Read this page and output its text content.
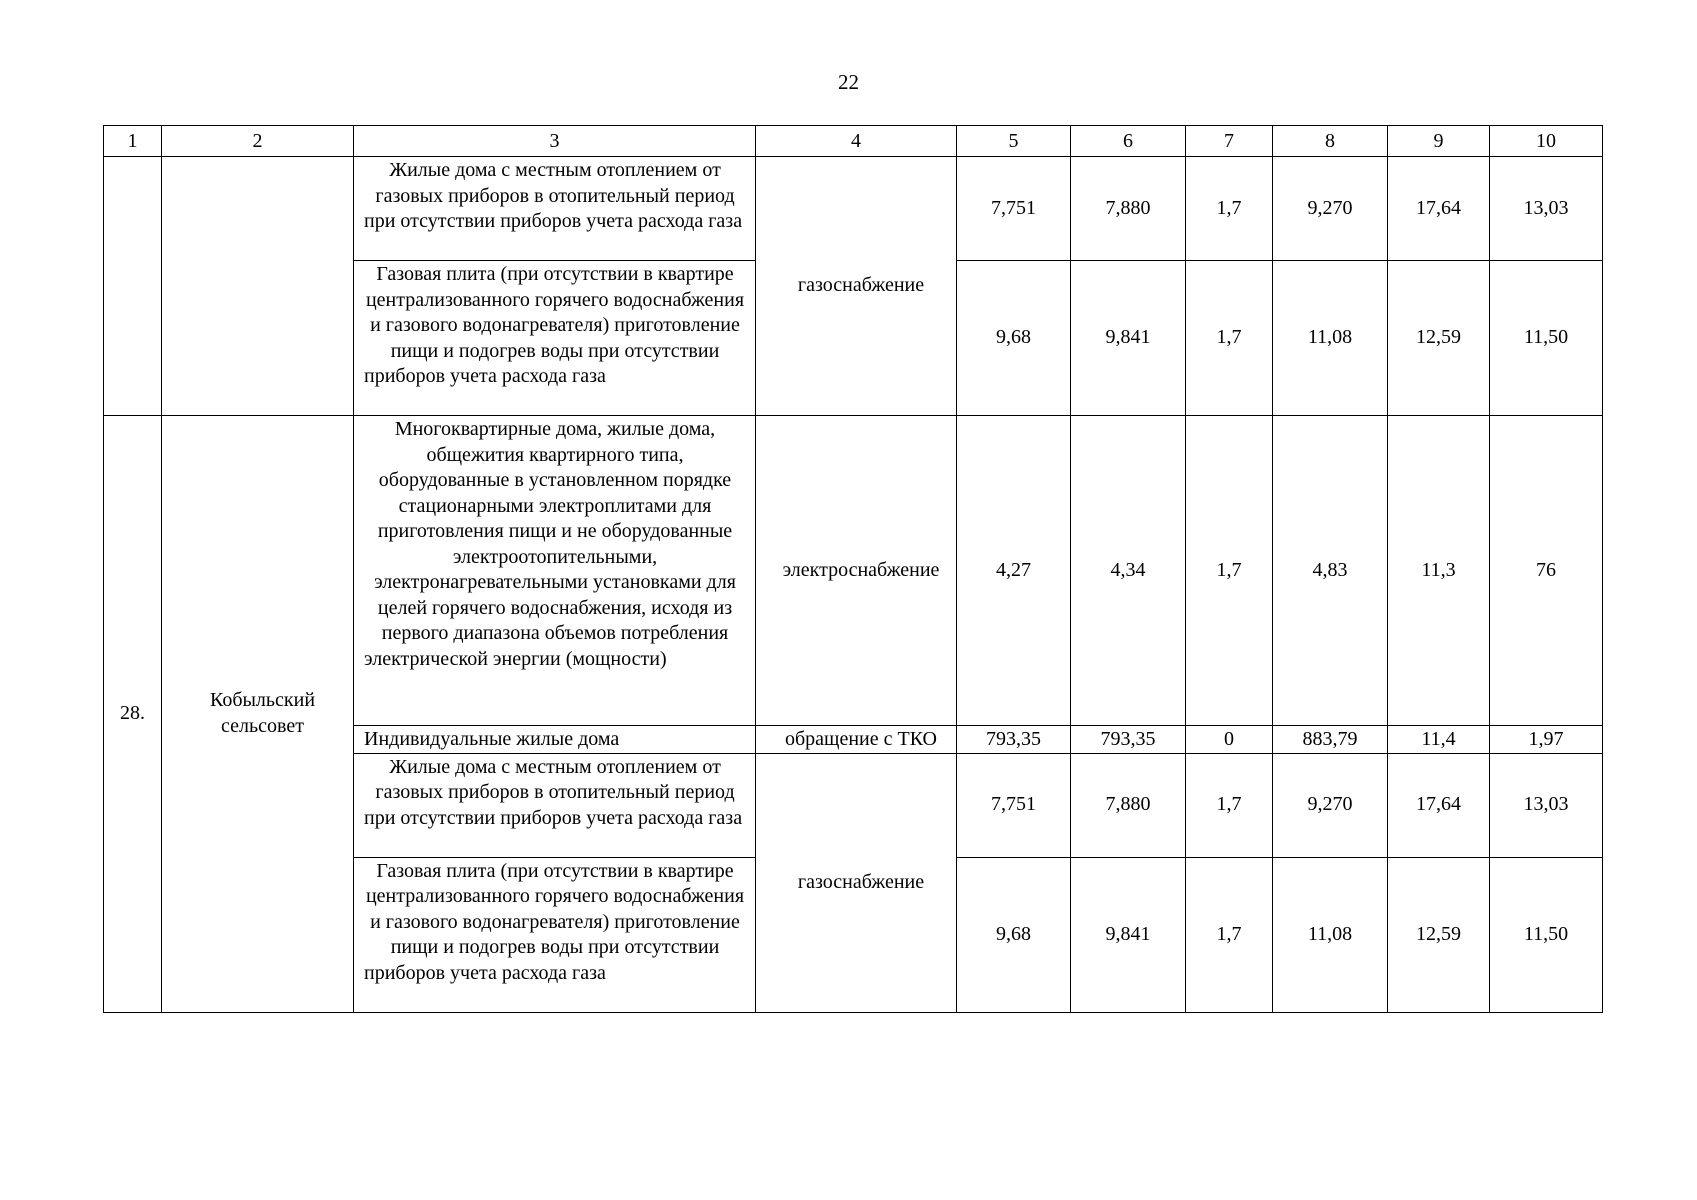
22
1	2	3	4	5	6	7	8	9	10
		Жилые дома с местным отоплением от газовых приборов в отопительный период при отсутствии приборов учета расхода газа	газоснабжение	7,751	7,880	1,7	9,270	17,64	13,03
		Газовая плита (при отсутствии в квартире централизованного горячего водоснабжения и газового водонагревателя) приготовление пищи и подогрев воды при отсутствии приборов учета расхода газа		9,68	9,841	1,7	11,08	12,59	11,50
28.	Кобыльский сельсовет	Многоквартирные дома, жилые дома, общежития квартирного типа, оборудованные в установленном порядке стационарными электроплитами для приготовления пищи и не оборудованные электроотопительными, электронагревательными установками для целей горячего водоснабжения, исходя из первого диапазона объемов потребления электрической энергии (мощности)	электроснабжение	4,27	4,34	1,7	4,83	11,3	76
		Индивидуальные жилые дома	обращение с ТКО	793,35	793,35	0	883,79	11,4	1,97
		Жилые дома с местным отоплением от газовых приборов в отопительный период при отсутствии приборов учета расхода газа	газоснабжение	7,751	7,880	1,7	9,270	17,64	13,03
		Газовая плита (при отсутствии в квартире централизованного горячего водоснабжения и газового водонагревателя) приготовление пищи и подогрев воды при отсутствии приборов учета расхода газа		9,68	9,841	1,7	11,08	12,59	11,50
